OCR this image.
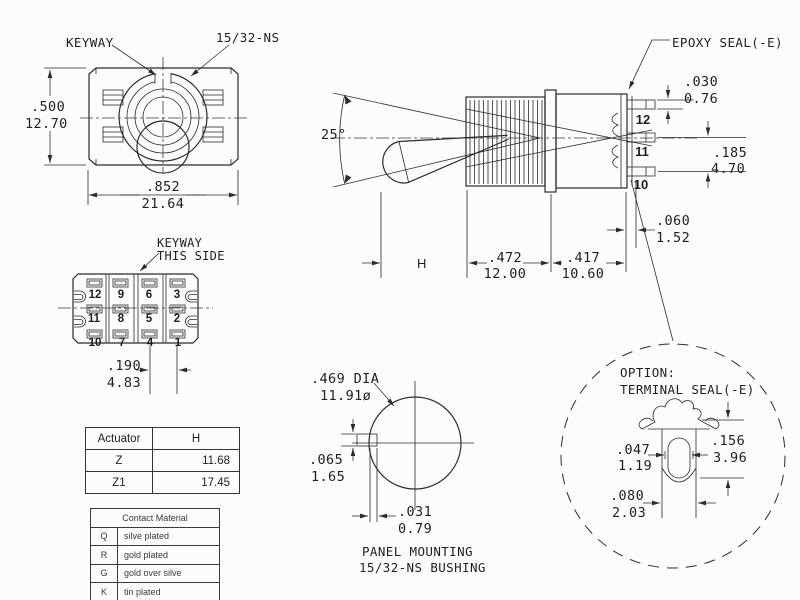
.500
12.70
.852
21.64
KEYWAY	15/32-NS
25°
12
11
10
EPOXY SEAL(-E)
.030
0.76
.185
4.70
H	.472
12.00
.417
10.60
.060
1.52
12 9 6 3
11 8 5 2
10 7 4 1
KEYWAY
THIS SIDE
.190
4.83	.469 DIA
11.91ø
.065
1.65
.031
0.79
PANEL MOUNTING
15/32-NS BUSHING
OPTION:
TERMINAL SEAL(-E)
.047
1.19
.156
3.96
.080
2.03
Actuator	H
Z	11.68
Z1	17.45
Contact Material	
Q	silve plated
R	gold plated
G	gold over silve
K	tin plated
